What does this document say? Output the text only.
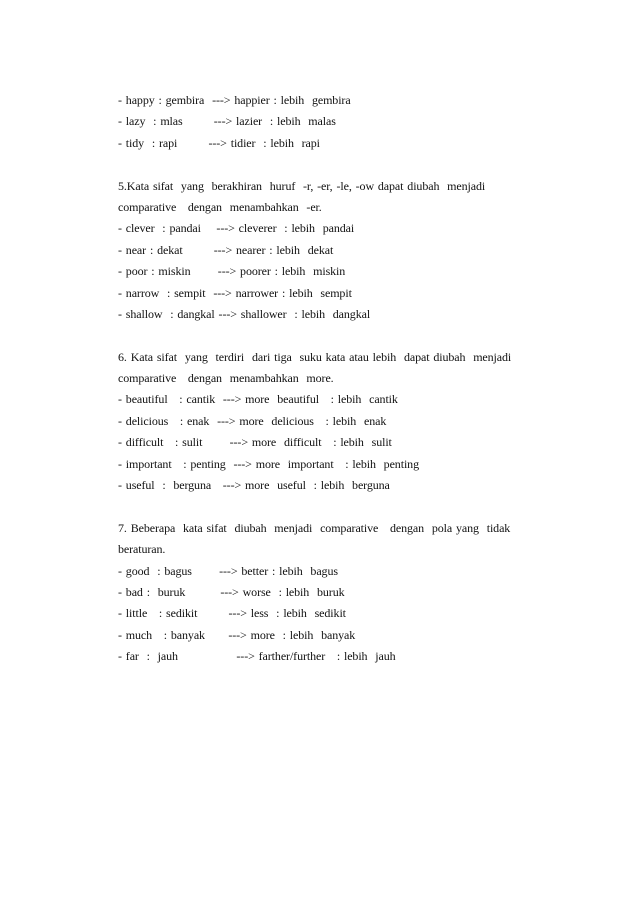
- happy : gembira  ---> happier : lebih  gembira
- lazy  : mlas        ---> lazier  : lebih  malas
- tidy  : rapi        ---> tidier  : lebih  rapi
5.Kata sifat  yang  berakhiran  huruf  -r, -er, -le, -ow dapat diubah  menjadi
comparative   dengan  menambahkan  -er.
- clever  : pandai    ---> cleverer  : lebih  pandai
- near : dekat        ---> nearer : lebih  dekat
- poor : miskin       ---> poorer : lebih  miskin
- narrow  : sempit  ---> narrower : lebih  sempit
- shallow  : dangkal ---> shallower  : lebih  dangkal
6. Kata sifat  yang  terdiri  dari tiga  suku kata atau lebih  dapat diubah  menjadi
comparative   dengan  menambahkan  more.
- beautiful   : cantik  ---> more  beautiful   : lebih  cantik
- delicious   : enak  ---> more  delicious   : lebih  enak
- difficult   : sulit       ---> more  difficult   : lebih  sulit
- important   : penting  ---> more  important   : lebih  penting
- useful  :  berguna   ---> more  useful  : lebih  berguna
7. Beberapa  kata sifat  diubah  menjadi  comparative   dengan  pola yang  tidak
beraturan.
- good  : bagus       ---> better : lebih  bagus
- bad :  buruk         ---> worse  : lebih  buruk
- little   : sedikit        ---> less  : lebih  sedikit
- much   : banyak      ---> more  : lebih  banyak
- far  :  jauh               ---> farther/further   : lebih  jauh
